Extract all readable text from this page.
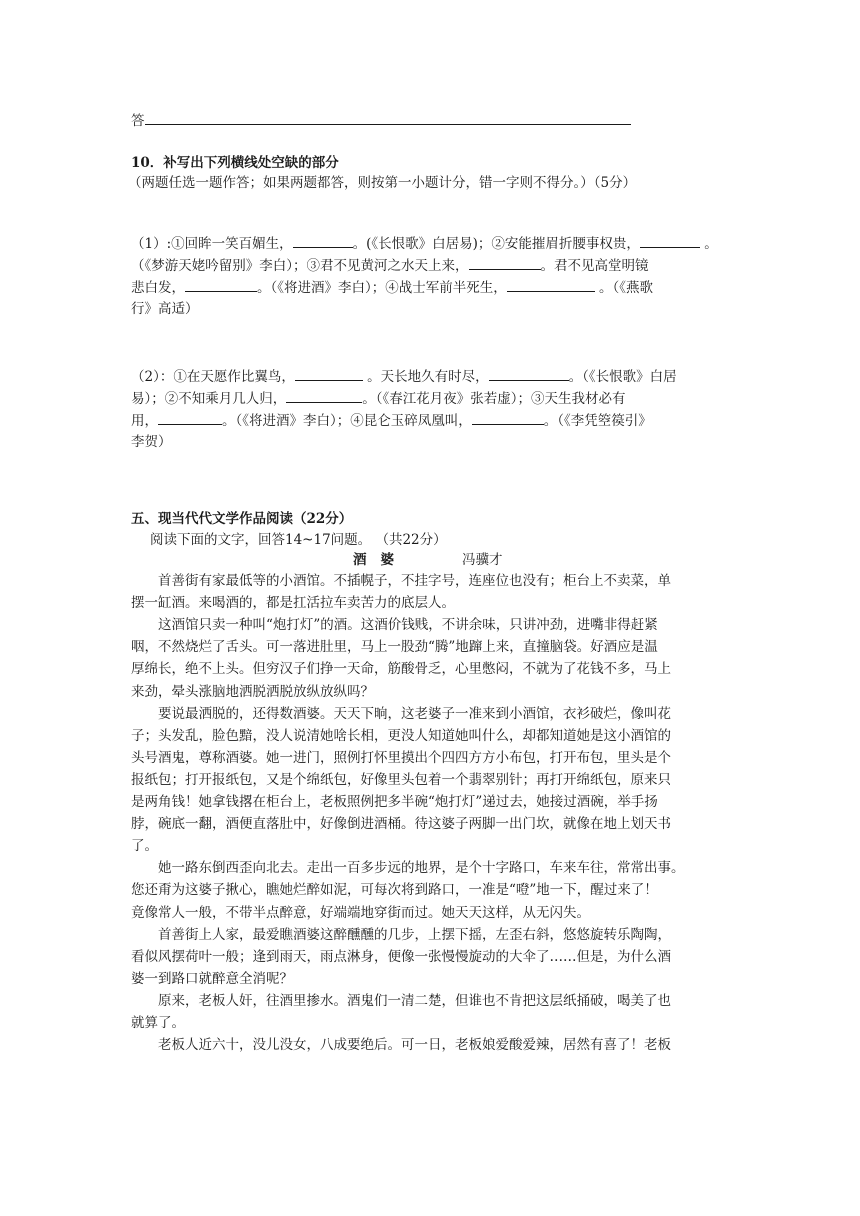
答
10．补写出下列横线处空缺的部分
（两题任选一题作答；如果两题都答，则按第一小题计分，错一字则不得分。）（5分）
（1）:①回眸一笑百媚生，	。(《长恨歌》白居易)；②安能摧眉折腰事权贵，	。
（《梦游天姥吟留别》李白）；③君不见黄河之水天上来，	。君不见高堂明镜
悲白发，	。（《将进酒》李白）；④战士军前半死生，	。（《燕歌
行》高适）
（2）：①在天愿作比翼鸟，	。天长地久有时尽，	。（《长恨歌》白居
易）；②不知乘月几人归，	。（《春江花月夜》张若虚）；③天生我材必有
用，	。（《将进酒》李白）；④昆仑玉碎凤凰叫，	。（《李凭箜篌引》
李贺）
五、现当代代文学作品阅读（22分）
阅读下面的文字，回答14~17问题。 （共22分）
酒婆	冯骥才
首善街有家最低等的小酒馆。不插幌子，不挂字号，连座位也没有；柜台上不卖菜，单
摆一缸酒。来喝酒的，都是扛活拉车卖苦力的底层人。
这酒馆只卖一种叫“炮打灯”的酒。这酒价钱贱，不讲余味，只讲冲劲，进嘴非得赶紧
咽，不然烧烂了舌头。可一落进肚里，马上一股劲“腾”地蹿上来，直撞脑袋。好酒应是温
厚绵长，绝不上头。但穷汉子们挣一天命，筋酸骨乏，心里憋闷，不就为了花钱不多，马上
来劲，晕头涨脑地洒脱洒脱放纵放纵吗？
要说最洒脱的，还得数酒婆。天天下晌，这老婆子一准来到小酒馆，衣衫破烂，像叫花
子；头发乱，脸色黯，没人说清她啥长相，更没人知道她叫什么，却都知道她是这小酒馆的
头号酒鬼，尊称酒婆。她一进门，照例打怀里摸出个四四方方小布包，打开布包，里头是个
报纸包；打开报纸包，又是个绵纸包，好像里头包着一个翡翠别针；再打开绵纸包，原来只
是两角钱！她拿钱撂在柜台上，老板照例把多半碗“炮打灯”递过去，她接过酒碗，举手扬
脖，碗底一翻，酒便直落肚中，好像倒进酒桶。待这婆子两脚一出门坎，就像在地上划天书
了。
她一路东倒西歪向北去。走出一百多步远的地界，是个十字路口，车来车往，常常出事。
您还甭为这婆子揪心，瞧她烂醉如泥，可每次将到路口，一准是“噔”地一下，醒过来了！
竟像常人一般，不带半点醉意，好端端地穿街而过。她天天这样，从无闪失。
首善街上人家，最爱瞧酒婆这醉醺醺的几步，上摆下摇，左歪右斜，悠悠旋转乐陶陶，
看似风摆荷叶一般；逢到雨天，雨点淋身，便像一张慢慢旋动的大伞了……但是，为什么酒
婆一到路口就醉意全消呢？
原来，老板人奸，往酒里掺水。酒鬼们一清二楚，但谁也不肯把这层纸捅破，喝美了也
就算了。
老板人近六十，没儿没女，八成要绝后。可一日，老板娘爱酸爱辣，居然有喜了！老板
